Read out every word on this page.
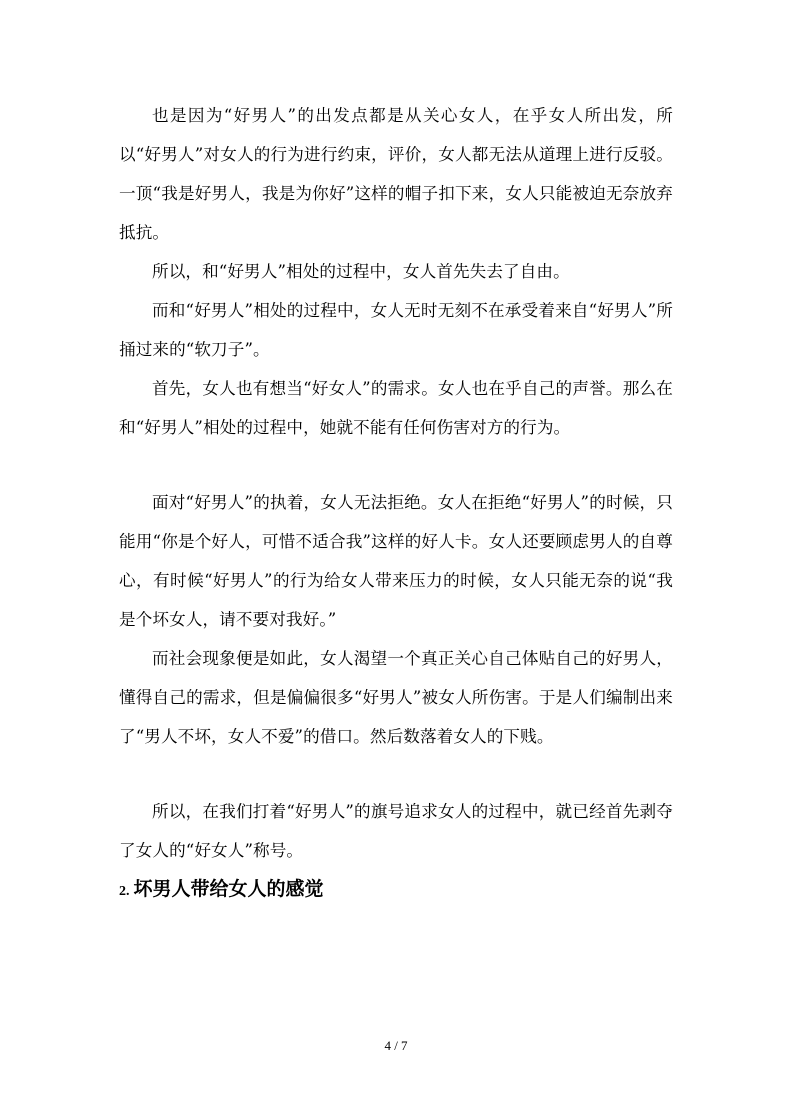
也是因为“好男人”的出发点都是从关心女人，在乎女人所出发，所以“好男人”对女人的行为进行约束，评价，女人都无法从道理上进行反驳。一顶“我是好男人，我是为你好”这样的帽子扣下来，女人只能被迫无奈放弃抵抗。

所以，和“好男人”相处的过程中，女人首先失去了自由。

而和“好男人”相处的过程中，女人无时无刻不在承受着来自“好男人”所捅过来的“软刀子”。

首先，女人也有想当“好女人”的需求。女人也在乎自己的声誉。那么在和“好男人”相处的过程中，她就不能有任何伤害对方的行为。

面对“好男人”的执着，女人无法拒绝。女人在拒绝“好男人”的时候，只能用“你是个好人，可惜不适合我”这样的好人卡。女人还要顾虑男人的自尊心，有时候“好男人”的行为给女人带来压力的时候，女人只能无奈的说“我是个坏女人，请不要对我好。”

而社会现象便是如此，女人渴望一个真正关心自己体贴自己的好男人，懂得自己的需求，但是偏偏很多“好男人”被女人所伤害。于是人们编制出来了“男人不坏，女人不爱”的借口。然后数落着女人的下贱。

所以，在我们打着“好男人”的旗号追求女人的过程中，就已经首先剥夺了女人的“好女人”称号。

2. 坏男人带给女人的感觉
4 / 7
